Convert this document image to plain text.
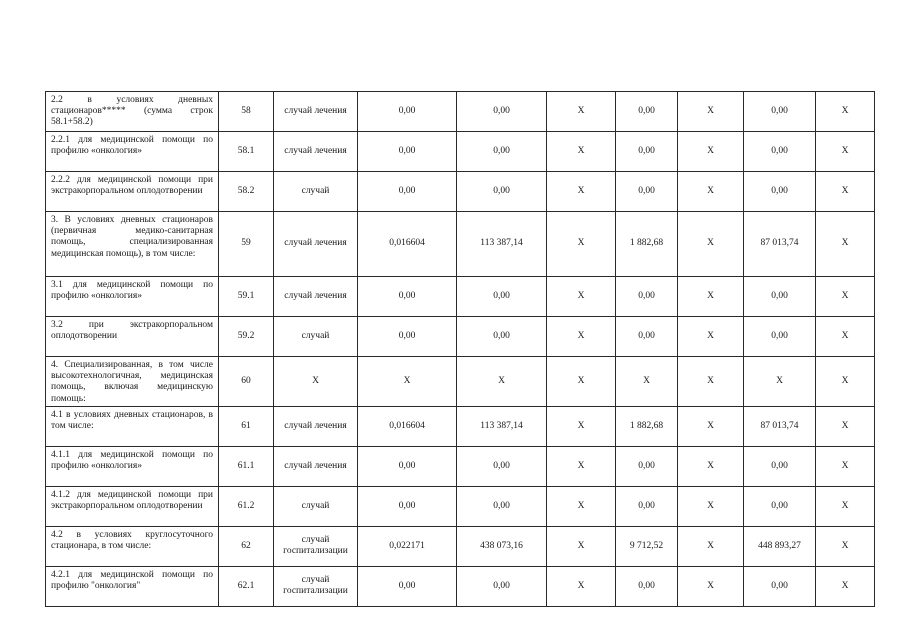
2.2 в условиях дневных стационаров***** (сумма строк 58.1+58.2)	58	случай лечения	0,00	0,00	X	0,00	X	0,00	X
2.2.1 для медицинской помощи по профилю «онкология»	58.1	случай лечения	0,00	0,00	X	0,00	X	0,00	X
2.2.2 для медицинской помощи при экстракорпоральном оплодотворении	58.2	случай	0,00	0,00	X	0,00	X	0,00	X
3. В условиях дневных стационаров (первичная медико-санитарная помощь, специализированная медицинская помощь), в том числе:	59	случай лечения	0,016604	113 387,14	X	1 882,68	X	87 013,74	X
3.1 для медицинской помощи по профилю «онкология»	59.1	случай лечения	0,00	0,00	X	0,00	X	0,00	X
3.2 при экстракорпоральном оплодотворении	59.2	случай	0,00	0,00	X	0,00	X	0,00	X
4. Специализированная, в том числе высокотехнологичная, медицинская помощь, включая медицинскую помощь:	60	X	X	X	X	X	X	X	X
4.1 в условиях дневных стационаров, в том числе:	61	случай лечения	0,016604	113 387,14	X	1 882,68	X	87 013,74	X
4.1.1 для медицинской помощи по профилю «онкология»	61.1	случай лечения	0,00	0,00	X	0,00	X	0,00	X
4.1.2 для медицинской помощи при экстракорпоральном оплодотворении	61.2	случай	0,00	0,00	X	0,00	X	0,00	X
4.2 в условиях круглосуточного стационара, в том числе:	62	случай госпитализации	0,022171	438 073,16	X	9 712,52	X	448 893,27	X
4.2.1 для медицинской помощи по профилю "онкология"	62.1	случай госпитализации	0,00	0,00	X	0,00	X	0,00	X
